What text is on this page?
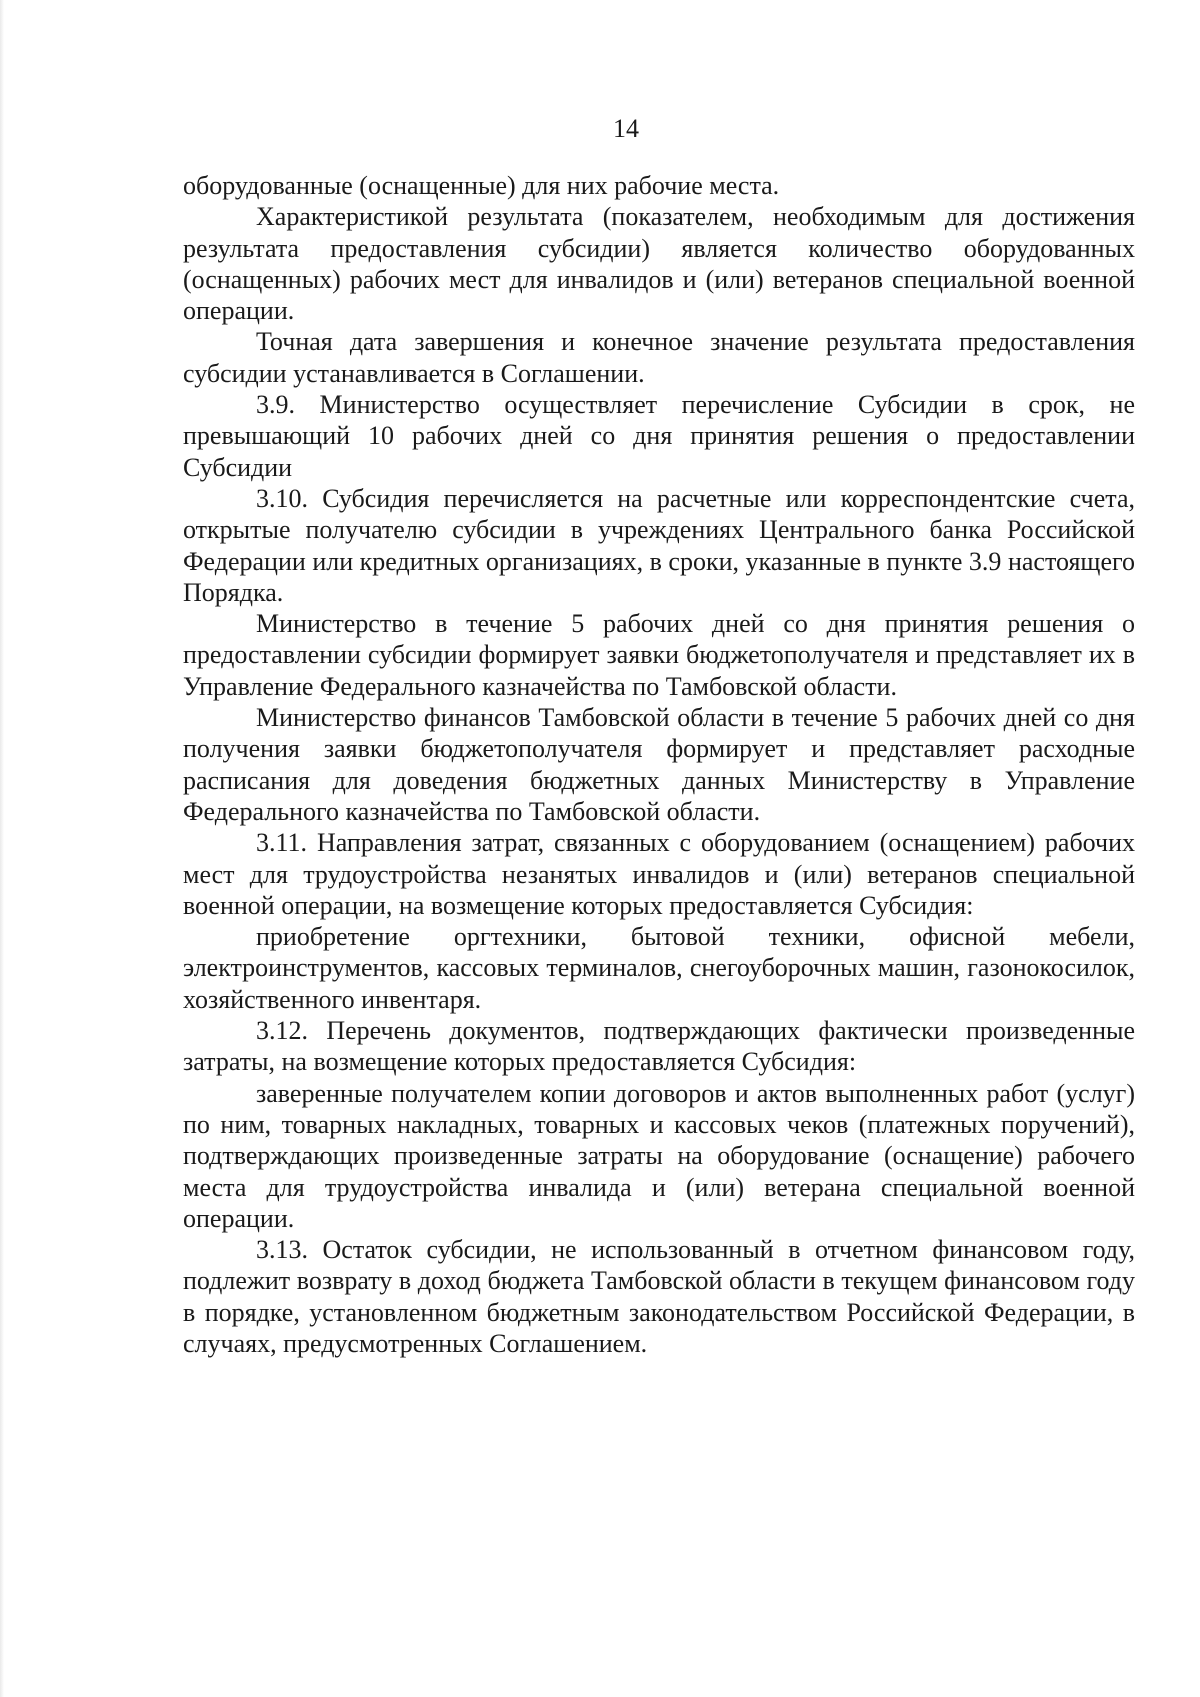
14

оборудованные (оснащенные) для них рабочие места.

Характеристикой результата (показателем, необходимым для достижения результата предоставления субсидии) является количество оборудованных (оснащенных) рабочих мест для инвалидов и (или) ветеранов специальной военной операции.

Точная дата завершения и конечное значение результата предоставления субсидии устанавливается в Соглашении.

3.9. Министерство осуществляет перечисление Субсидии в срок, не превышающий 10 рабочих дней со дня принятия решения о предоставлении Субсидии

3.10. Субсидия перечисляется на расчетные или корреспондентские счета, открытые получателю субсидии в учреждениях Центрального банка Российской Федерации или кредитных организациях, в сроки, указанные в пункте 3.9 настоящего Порядка.

Министерство в течение 5 рабочих дней со дня принятия решения о предоставлении субсидии формирует заявки бюджетополучателя и представляет их в Управление Федерального казначейства по Тамбовской области.

Министерство финансов Тамбовской области в течение 5 рабочих дней со дня получения заявки бюджетополучателя формирует и представляет расходные расписания для доведения бюджетных данных Министерству в Управление Федерального казначейства по Тамбовской области.

3.11. Направления затрат, связанных с оборудованием (оснащением) рабочих мест для трудоустройства незанятых инвалидов и (или) ветеранов специальной военной операции, на возмещение которых предоставляется Субсидия:

приобретение оргтехники, бытовой техники, офисной мебели, электроинструментов, кассовых терминалов, снегоуборочных машин, газонокосилок, хозяйственного инвентаря.

3.12. Перечень документов, подтверждающих фактически произведенные затраты, на возмещение которых предоставляется Субсидия:

заверенные получателем копии договоров и актов выполненных работ (услуг) по ним, товарных накладных, товарных и кассовых чеков (платежных поручений), подтверждающих произведенные затраты на оборудование (оснащение) рабочего места для трудоустройства инвалида и (или) ветерана специальной военной операции.

3.13. Остаток субсидии, не использованный в отчетном финансовом году, подлежит возврату в доход бюджета Тамбовской области в текущем финансовом году в порядке, установленном бюджетным законодательством Российской Федерации, в случаях, предусмотренных Соглашением.
